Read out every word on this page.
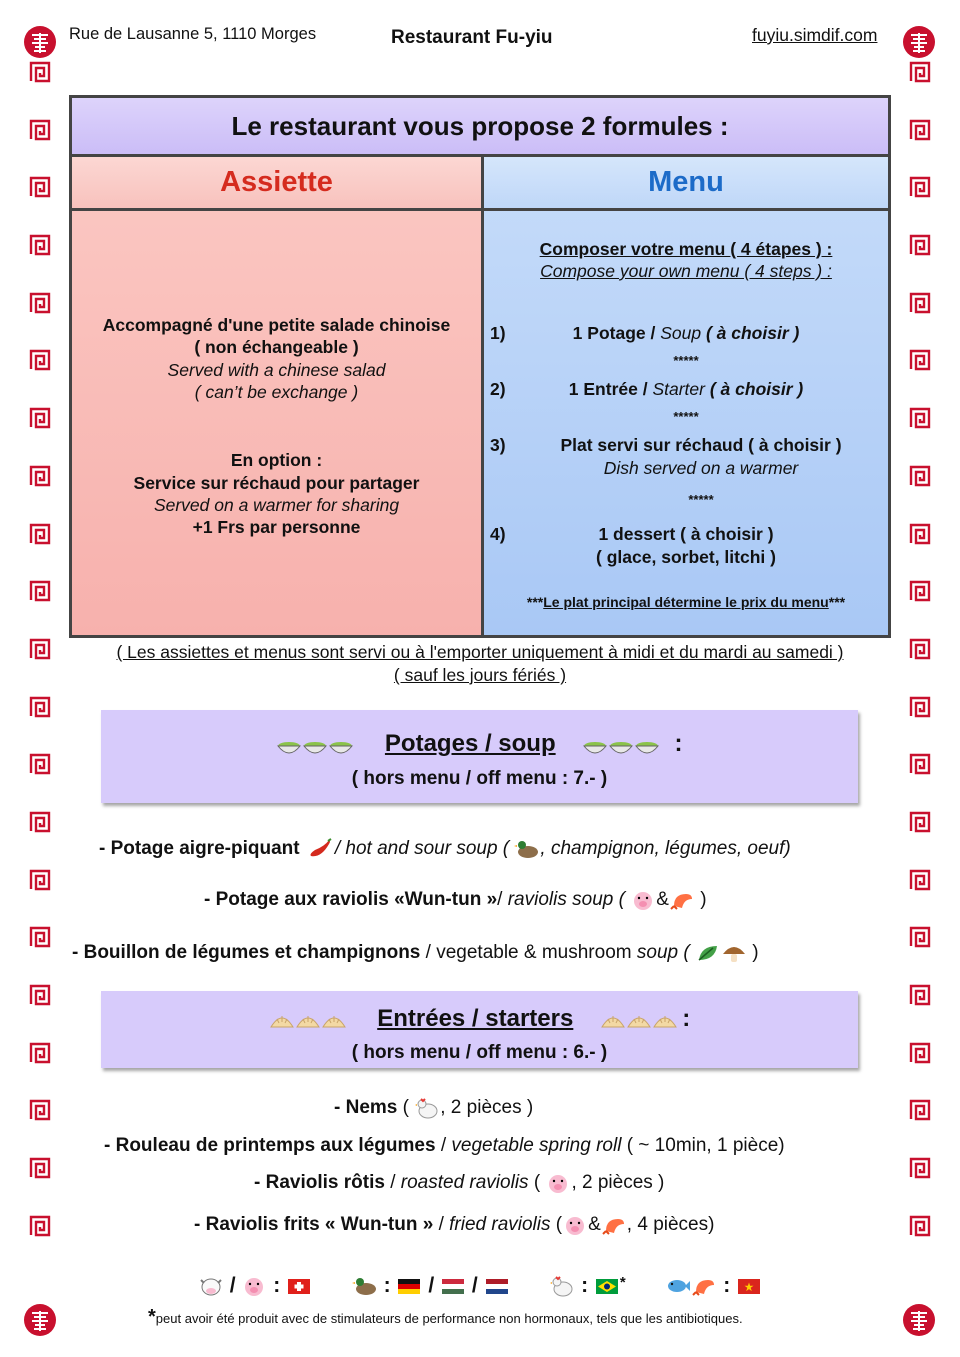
Rue de Lausanne 5, 1110 Morges	Restaurant Fu-yiu	fuyiu.simdif.com
Le restaurant vous propose 2 formules :
Assiette
Accompagné d'une petite salade chinoise
( non échangeable )
Served with a chinese salad
( can’t be exchange )
En option :
Service sur réchaud pour partager
Served on a warmer for sharing
+1 Frs par personne
Menu
Composer votre menu ( 4 étapes ) :
Compose your own menu ( 4 steps ) :
1)	1 Potage / Soup ( à choisir )
*****
2)	1 Entrée / Starter ( à choisir )
*****
3)	Plat servi sur réchaud ( à choisir )
Dish served on a warmer
*****
4)	1 dessert ( à choisir )
( glace, sorbet, litchi )
***Le plat principal détermine le prix du menu***
( Les assiettes et menus sont servi ou à l'emporter uniquement à midi et du mardi au samedi )
( sauf les jours fériés )
Potages / soup	:
( hors menu / off menu : 7.- )
- Potage aigre-piquant / hot and sour soup ( , champignon, légumes, oeuf)
- Potage aux raviolis «Wun-tun »/ raviolis soup ( & )
- Bouillon de légumes et champignons / vegetable & mushroom soup (	)
Entrées / starters	:
( hors menu / off menu : 6.- )
- Nems ( , 2 pièces )
- Rouleau de printemps aux légumes / vegetable spring roll ( ~ 10min, 1 pièce)
- Raviolis rôtis / roasted raviolis ( , 2 pièces )
- Raviolis frits « Wun-tun » / fried raviolis ( & , 4 pièces)
/ :	: / /	: *	:
*peut avoir été produit avec de stimulateurs de performance non hormonaux, tels que les antibiotiques.
